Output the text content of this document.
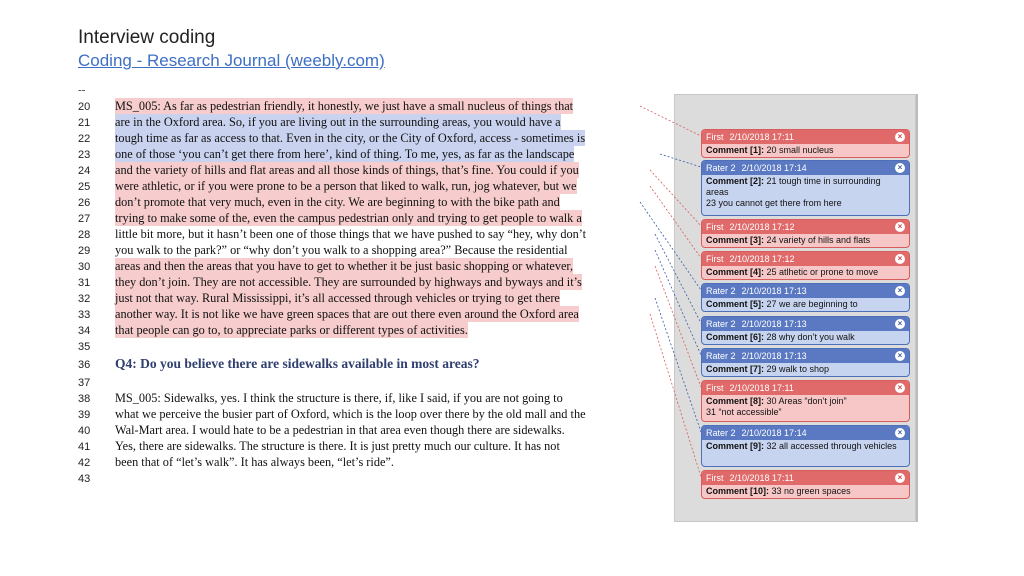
Interview coding
Coding - Research Journal (weebly.com)
--
20 MS_005: As far as pedestrian friendly, it honestly, we just have a small nucleus of things that
21 are in the Oxford area. So, if you are living out in the surrounding areas, you would have a
22 tough time as far as access to that. Even in the city, or the City of Oxford, access - sometimes is
23 one of those ‘you can’t get there from here’, kind of thing. To me, yes, as far as the landscape
24 and the variety of hills and flat areas and all those kinds of things, that’s fine. You could if you
25 were athletic, or if you were prone to be a person that liked to walk, run, jog whatever, but we
26 don’t promote that very much, even in the city. We are beginning to with the bike path and
27 trying to make some of the, even the campus pedestrian only and trying to get people to walk a
28 little bit more, but it hasn’t been one of those things that we have pushed to say “hey, why don’t
29 you walk to the park?” or “why don’t you walk to a shopping area?” Because the residential
30 areas and then the areas that you have to get to whether it be just basic shopping or whatever,
31 they don’t join. They are not accessible. They are surrounded by highways and byways and it’s
32 just not that way. Rural Mississippi, it’s all accessed through vehicles or trying to get there
33 another way. It is not like we have green spaces that are out there even around the Oxford area
34 that people can go to, to appreciate parks or different types of activities.
35
36 Q4: Do you believe there are sidewalks available in most areas?
37
38 MS_005: Sidewalks, yes. I think the structure is there, if, like I said, if you are not going to
39 what we perceive the busier part of Oxford, which is the loop over there by the old mall and the
40 Wal-Mart area. I would hate to be a pedestrian in that area even though there are sidewalks.
41 Yes, there are sidewalks. The structure is there. It is just pretty much our culture. It has not
42 been that of “let’s walk”. It has always been, “let’s ride”.
43
First 2/10/2018 17:11	×
Comment [1]: 20 small nucleus
Rater 2 2/10/2018 17:14	×
Comment [2]: 21 tough time in surrounding areas
23 you cannot get there from here
First 2/10/2018 17:12	×
Comment [3]: 24 variety of hills and flats
First 2/10/2018 17:12	×
Comment [4]: 25 atlhetic or prone to move
Rater 2 2/10/2018 17:13	×
Comment [5]: 27 we are beginning to
Rater 2 2/10/2018 17:13	×
Comment [6]: 28 why don’t you walk
Rater 2 2/10/2018 17:13	×
Comment [7]: 29 walk to shop
First 2/10/2018 17:11	×
Comment [8]: 30 Areas “don’t join”
31 “not accessible”
Rater 2 2/10/2018 17:14	×
Comment [9]: 32 all accessed through vehicles
First 2/10/2018 17:11	×
Comment [10]: 33 no green spaces
